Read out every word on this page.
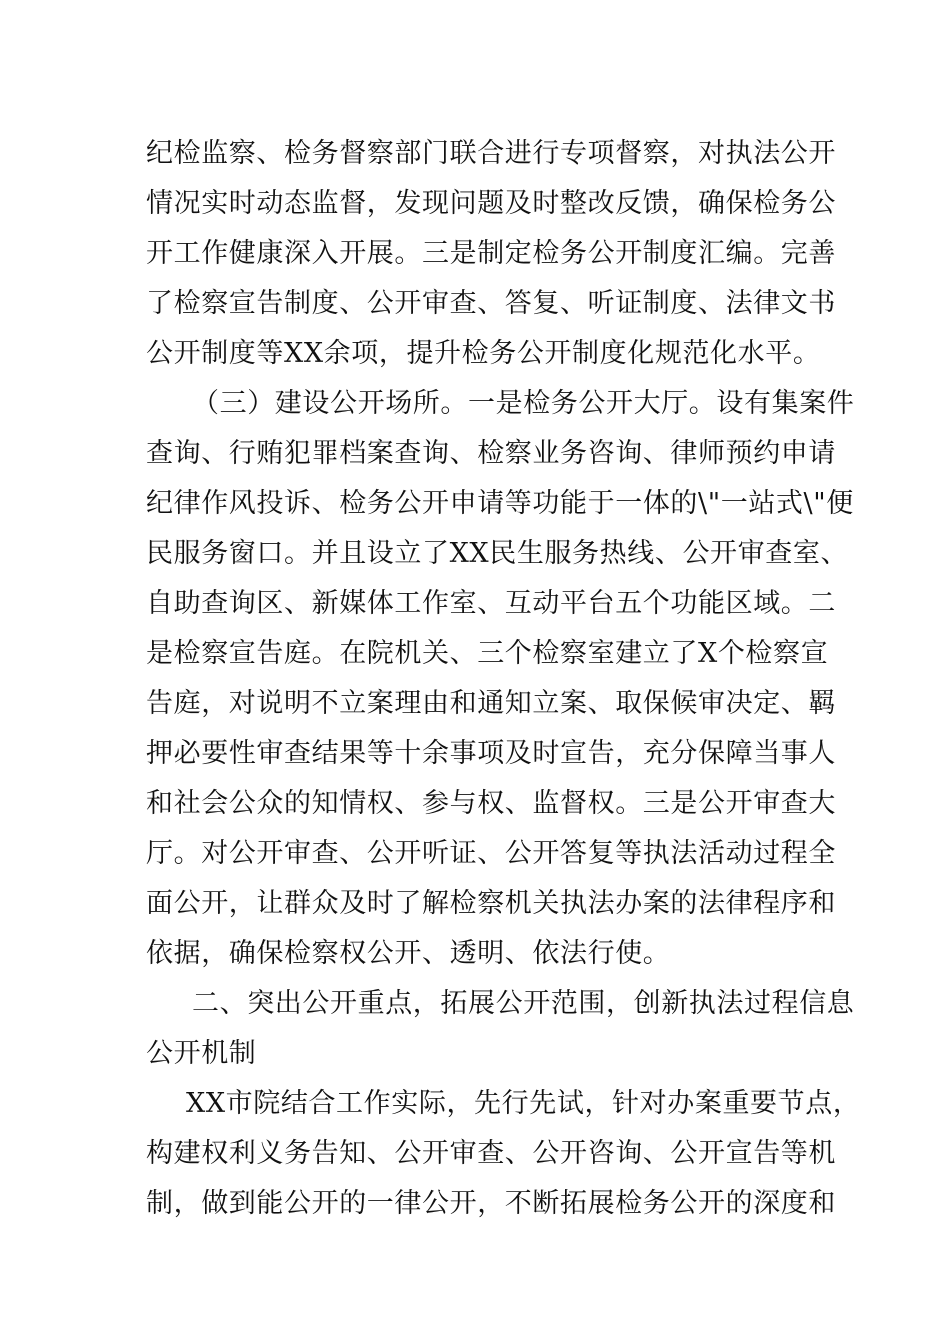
纪检监察、检务督察部门联合进行专项督察，对执法公开
情况实时动态监督，发现问题及时整改反馈，确保检务公
开工作健康深入开展。三是制定检务公开制度汇编。完善
了检察宣告制度、公开审查、答复、听证制度、法律文书
公开制度等XX余项，提升检务公开制度化规范化水平。
（三）建设公开场所。一是检务公开大厅。设有集案件
查询、行贿犯罪档案查询、检察业务咨询、律师预约申请
纪律作风投诉、检务公开申请等功能于一体的\"一站式\"便
民服务窗口。并且设立了XX民生服务热线、公开审查室、
自助查询区、新媒体工作室、互动平台五个功能区域。二
是检察宣告庭。在院机关、三个检察室建立了X个检察宣
告庭，对说明不立案理由和通知立案、取保候审决定、羁
押必要性审查结果等十余事项及时宣告，充分保障当事人
和社会公众的知情权、参与权、监督权。三是公开审查大
厅。对公开审查、公开听证、公开答复等执法活动过程全
面公开，让群众及时了解检察机关执法办案的法律程序和
依据，确保检察权公开、透明、依法行使。
二、突出公开重点，拓展公开范围，创新执法过程信息
公开机制
XX市院结合工作实际，先行先试，针对办案重要节点，
构建权利义务告知、公开审查、公开咨询、公开宣告等机
制，做到能公开的一律公开，不断拓展检务公开的深度和
